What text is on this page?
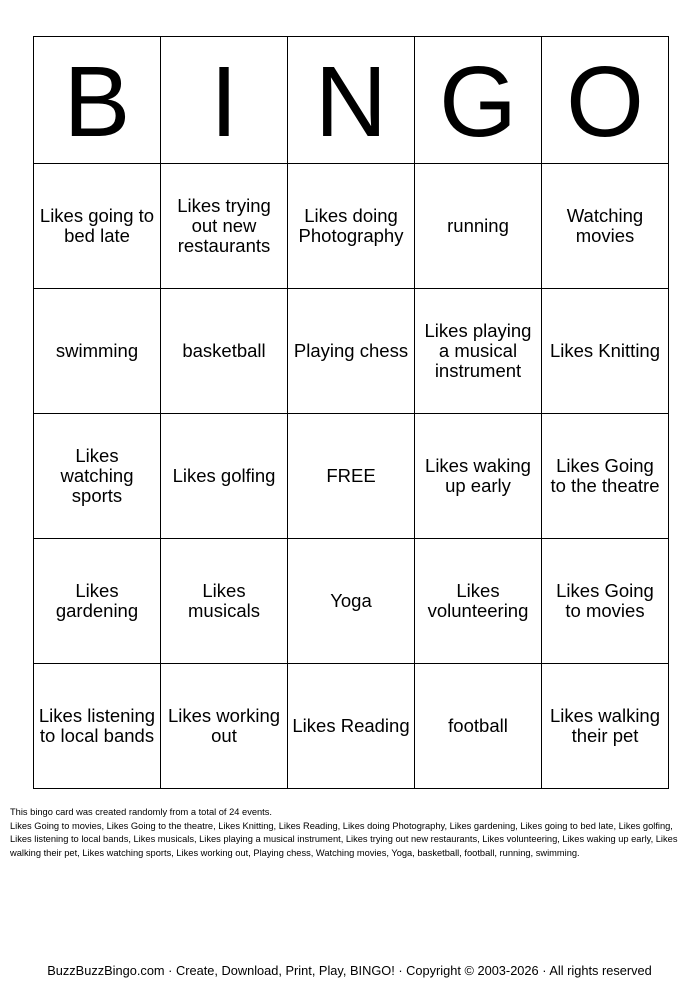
B	I	N	G	O
Likes going to bed late	Likes trying out new restaurants	Likes doing Photography	running	Watching movies
swimming	basketball	Playing chess	Likes playing a musical instrument	Likes Knitting
Likes watching sports	Likes golfing	FREE	Likes waking up early	Likes Going to the theatre
Likes gardening	Likes musicals	Yoga	Likes volunteering	Likes Going to movies
Likes listening to local bands	Likes working out	Likes Reading	football	Likes walking their pet
This bingo card was created randomly from a total of 24 events.
Likes Going to movies, Likes Going to the theatre, Likes Knitting, Likes Reading, Likes doing Photography, Likes gardening, Likes going to bed late, Likes golfing, Likes listening to local bands, Likes musicals, Likes playing a musical instrument, Likes trying out new restaurants, Likes volunteering, Likes waking up early, Likes walking their pet, Likes watching sports, Likes working out, Playing chess, Watching movies, Yoga, basketball, football, running, swimming.
BuzzBuzzBingo.com · Create, Download, Print, Play, BINGO! · Copyright © 2003-2026 · All rights reserved
